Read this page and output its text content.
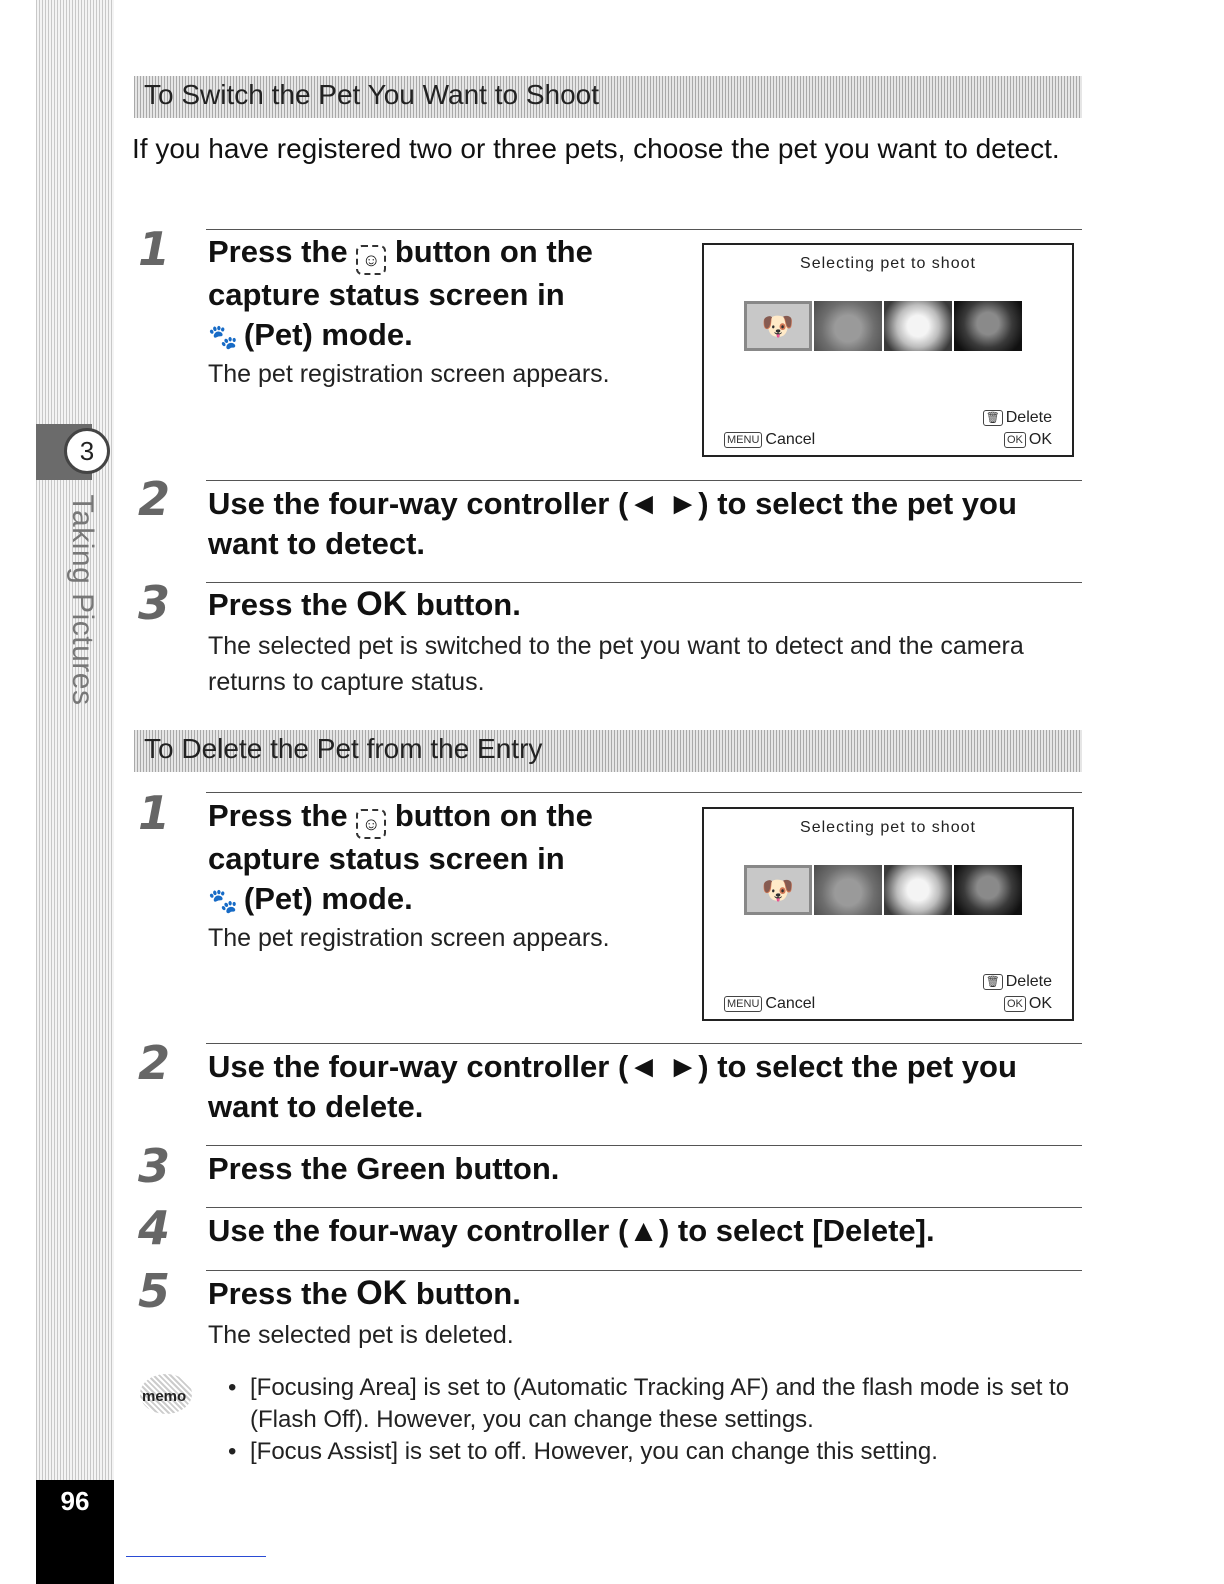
3
Taking Pictures
96
To Switch the Pet You Want to Shoot
If you have registered two or three pets, choose the pet you want to detect.
1 Press the ☺ button on the capture status screen in
🐾 (Pet) mode.
The pet registration screen appears.
Selecting pet to shoot
🐶
🗑 Delete
MENU Cancel	OK OK
2 Use the four-way controller (◄ ►) to select the pet you want to detect.
3 Press the OK button.
The selected pet is switched to the pet you want to detect and the camera returns to capture status.
To Delete the Pet from the Entry
1 Press the ☺ button on the capture status screen in
🐾 (Pet) mode.
The pet registration screen appears.
Selecting pet to shoot
🐶
🗑 Delete
MENU Cancel	OK OK
2 Use the four-way controller (◄ ►) to select the pet you want to delete.
3 Press the Green button.
4 Use the four-way controller (▲) to select [Delete].
5 Press the OK button.
The selected pet is deleted.
memo
•	[Focusing Area] is set to (Automatic Tracking AF) and the flash mode is set to (Flash Off). However, you can change these settings.
• [Focus Assist] is set to off. However, you can change this setting.
